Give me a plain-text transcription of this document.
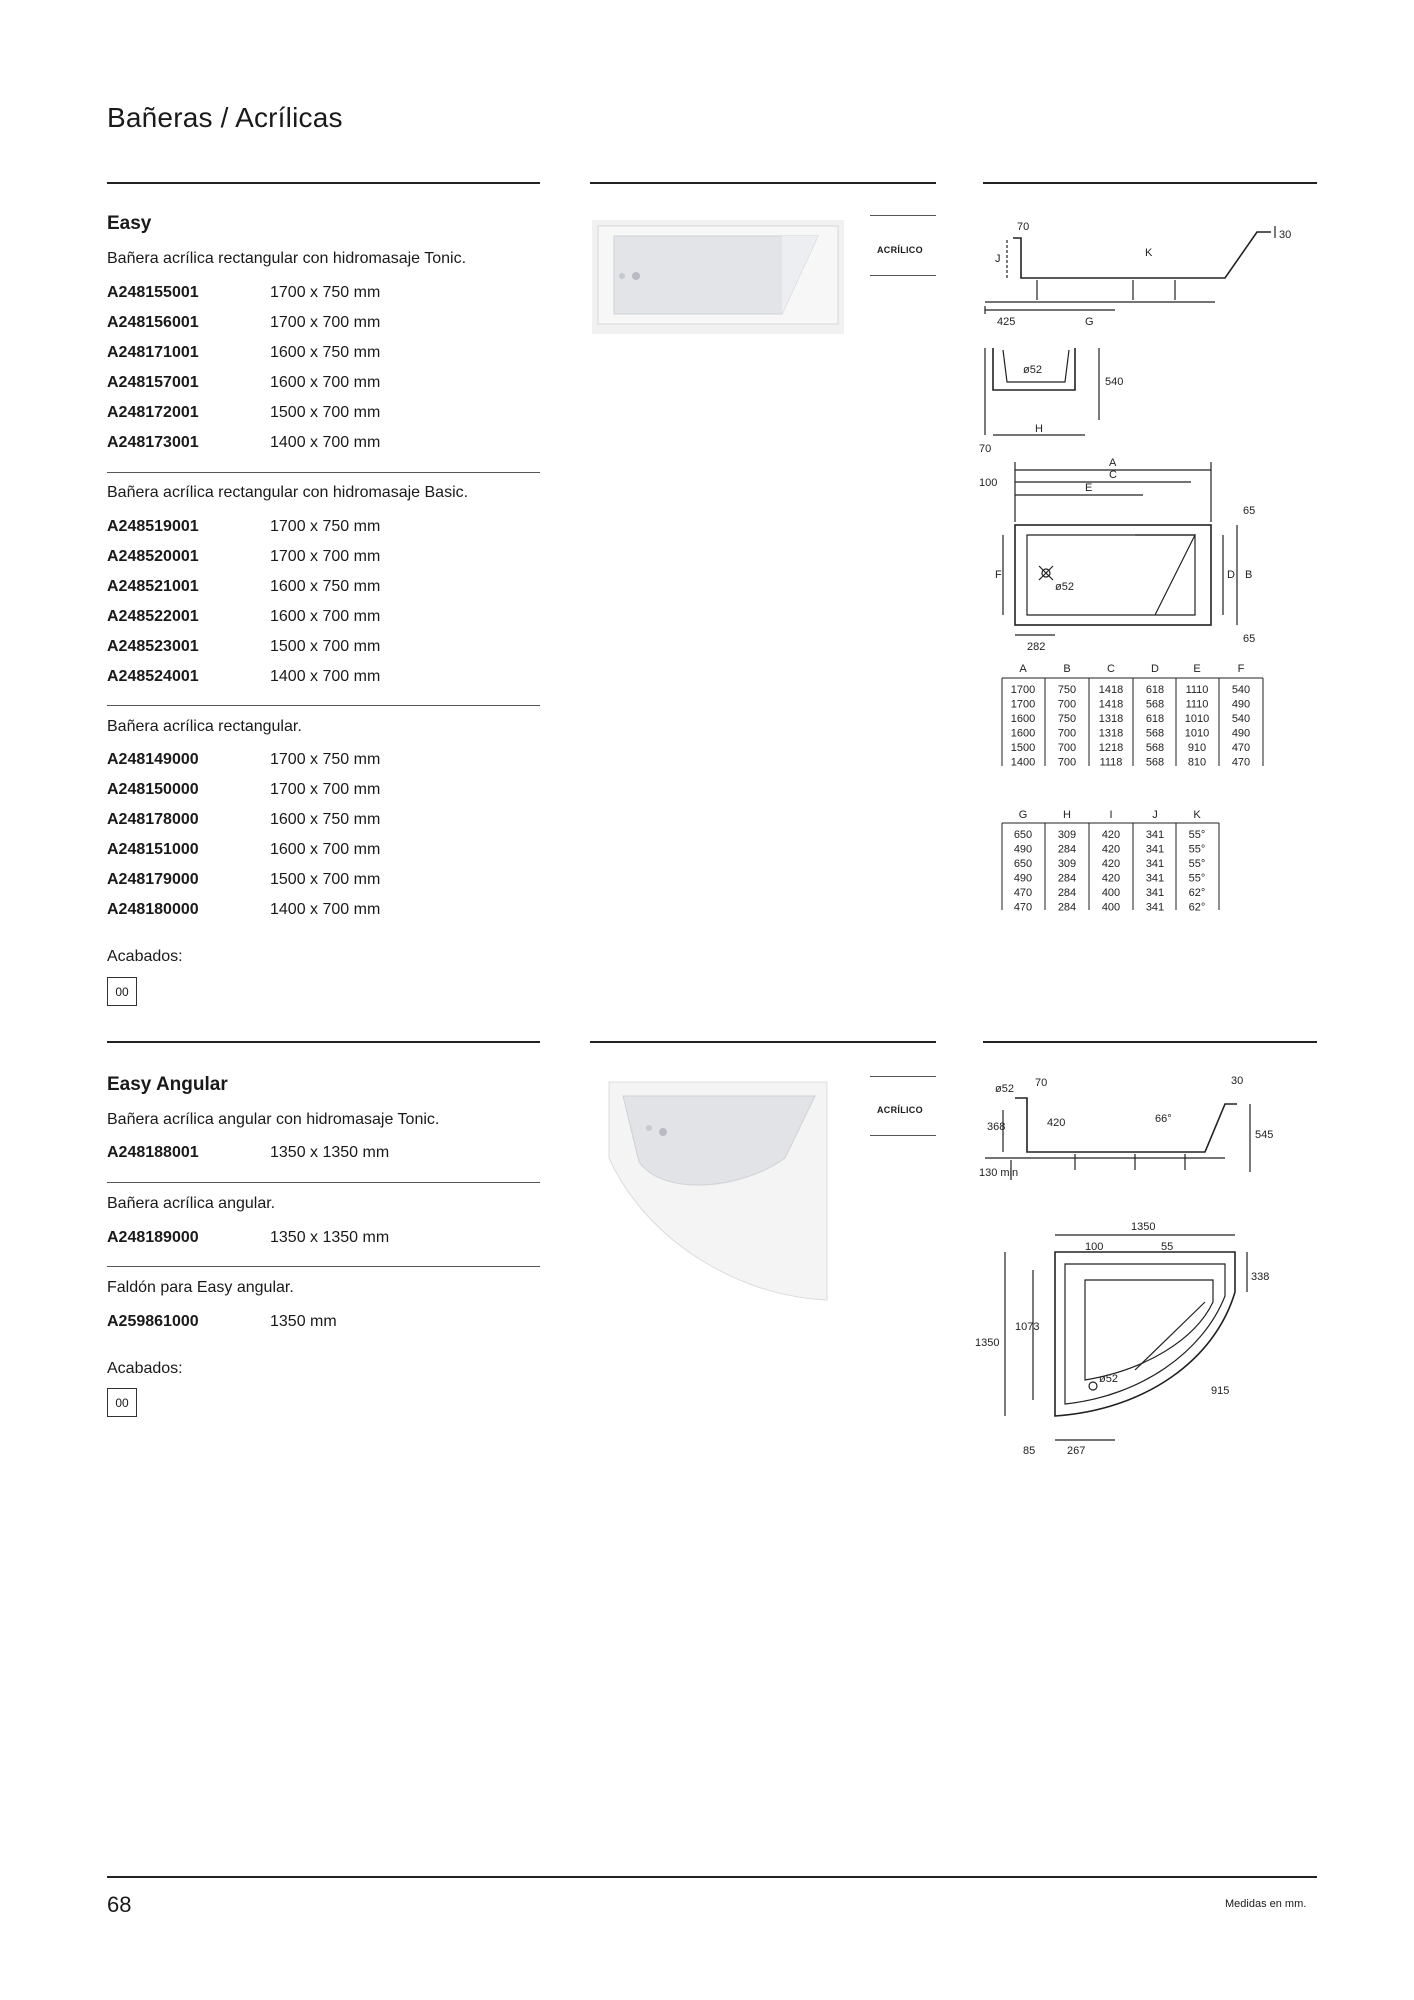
Bañeras / Acrílicas
Easy
Bañera acrílica rectangular con hidromasaje Tonic.
A248155001	1700 x 750 mm
A248156001	1700 x 700 mm
A248171001	1600 x 750 mm
A248157001	1600 x 700 mm
A248172001	1500 x 700 mm
A248173001	1400 x 700 mm
Bañera acrílica rectangular con hidromasaje Basic.
A248519001	1700 x 750 mm
A248520001	1700 x 700 mm
A248521001	1600 x 750 mm
A248522001	1600 x 700 mm
A248523001	1500 x 700 mm
A248524001	1400 x 700 mm
Bañera acrílica rectangular.
A248149000	1700 x 750 mm
A248150000	1700 x 700 mm
A248178000	1600 x 750 mm
A248151000	1600 x 700 mm
A248179000	1500 x 700 mm
A248180000	1400 x 700 mm
Acabados:
00
ACRÍLICO
70
30
J	K
425	G
ø52
540
70
H
A
C
E
100
65
65
F	D B
ø52
282
A	B	C	D	E	F
1700 750 1418 618 1110 540
1700 700 1418 568 1110 490
1600 750 1318 618 1010 540
1600 700 1318 568 1010 490
1500 700 1218 568 910 470
1400 700 1118 568 810 470
G	H	I	J	K
650 309 420 341 55°
490 284 420 341 55°
650 309 420 341 55°
490 284 420 341 55°
470 284 400 341 62°
470 284 400 341 62°
Easy Angular
Bañera acrílica angular con hidromasaje Tonic.
A248188001	1350 x 1350 mm
Bañera acrílica angular.
A248189000	1350 x 1350 mm
Faldón para Easy angular.
A259861000	1350 mm
Acabados:
00
ACRÍLICO
ø52 70	30
368	420	66°
545
130 min
1350
100	55
338
1073
1350
ø52
915
85	267
68	Medidas en mm.
